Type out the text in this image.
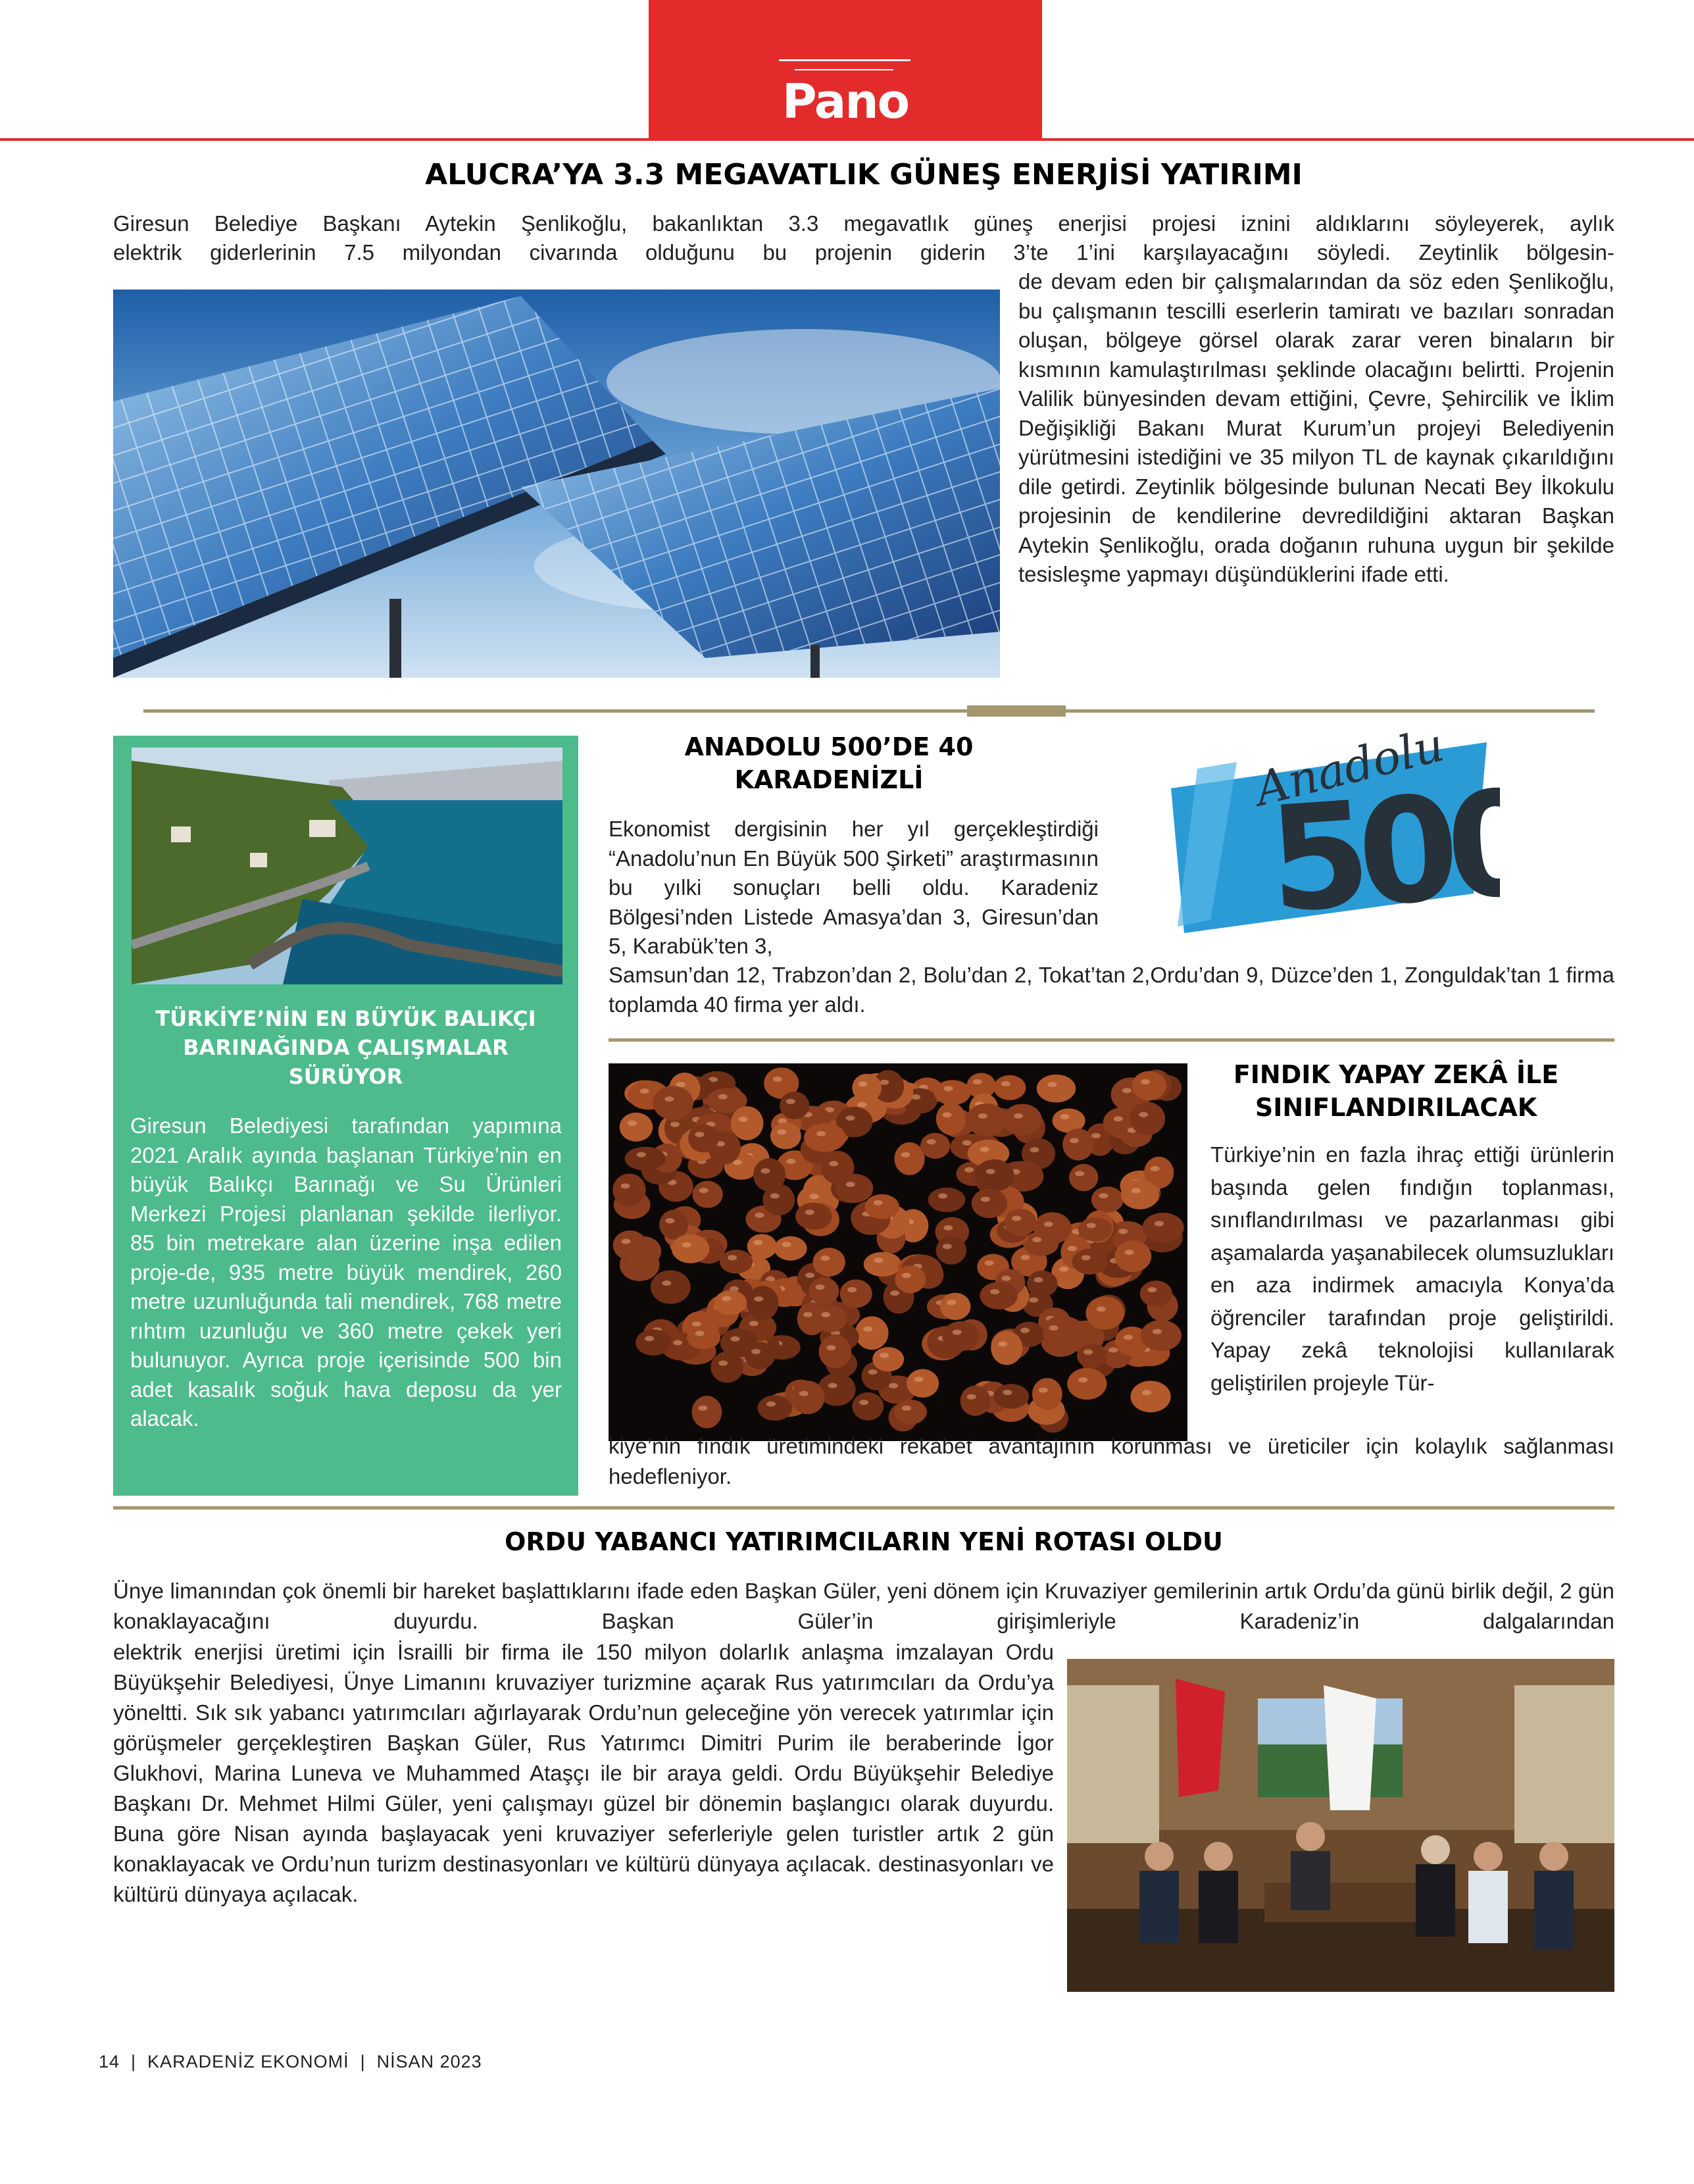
Pano
ALUCRA’YA 3.3 MEGAVATLIK GÜNEŞ ENERJİSİ YATIRIMI
Giresun Belediye Başkanı Aytekin Şenlikoğlu, bakanlıktan 3.3 megavatlık güneş enerjisi projesi iznini aldıklarını söyleyerek, aylık
elektrik giderlerinin 7.5 milyondan civarında olduğunu bu projenin giderin 3’te 1’ini karşılayacağını söyledi. Zeytinlik bölgesin-
de devam eden bir çalışmalarından da söz eden Şenlikoğlu, bu çalışmanın tescilli eserlerin tamiratı ve bazıları sonradan oluşan, bölgeye görsel olarak zarar veren binaların bir kısmının kamulaştırılması şeklinde olacağını belirtti. Projenin Valilik bünyesinden devam ettiğini, Çevre, Şehircilik ve İklim Değişikliği Bakanı Murat Kurum’un projeyi Belediyenin yürütmesini istediğini ve 35 milyon TL de kaynak çıkarıldığını dile getirdi. Zeytinlik bölgesinde bulunan Necati Bey İlkokulu projesinin de kendilerine devredildiğini aktaran Başkan Aytekin Şenlikoğlu, orada doğanın ruhuna uygun bir şekilde tesisleşme yapmayı düşündüklerini ifade etti.
TÜRKİYE’NİN EN BÜYÜK BALIKÇI
BARINAĞINDA ÇALIŞMALAR
SÜRÜYOR
Giresun Belediyesi tarafından yapımına 2021 Aralık ayında başlanan Türkiye’nin en büyük Balıkçı Barınağı ve Su Ürünleri Merkezi Projesi planlanan şekilde ilerliyor. 85 bin metrekare alan üzerine inşa edilen proje-de, 935 metre büyük mendirek, 260 metre uzunluğunda tali mendirek, 768 metre rıhtım uzunluğu ve 360 metre çekek yeri bulunuyor. Ayrıca proje içerisinde 500 bin adet kasalık soğuk hava deposu da yer alacak.
ANADOLU 500’DE 40
KARADENİZLİ	500
Anadolu
Ekonomist dergisinin her yıl gerçekleştirdiği “Anadolu’nun En Büyük 500 Şirketi” araştırmasının bu yılki sonuçları belli oldu. Karadeniz Bölgesi’nden Listede Amasya’dan 3, Giresun’dan 5, Karabük’ten 3,
Samsun’dan 12, Trabzon’dan 2, Bolu’dan 2, Tokat’tan 2,Ordu’dan 9, Düzce’den 1, Zonguldak’tan 1 firma toplamda 40 firma yer aldı.
FINDIK YAPAY ZEKÂ İLE
SINIFLANDIRILACAK
Türkiye’nin en fazla ihraç ettiği ürünlerin başında gelen fındığın toplanması, sınıflandırılması ve pazarlanması gibi aşamalarda yaşanabilecek olumsuzlukları en aza indirmek amacıyla Konya’da öğrenciler tarafından proje geliştirildi. Yapay zekâ teknolojisi kullanılarak geliştirilen projeyle Tür-
kiye’nin fındık üretimindeki rekabet avantajının korunması ve üreticiler için kolaylık sağlanması hedefleniyor.
ORDU YABANCI YATIRIMCILARIN YENİ ROTASI OLDU
Ünye limanından çok önemli bir hareket başlattıklarını ifade eden Başkan Güler, yeni dönem için Kruvaziyer gemilerinin artık Ordu’da günü birlik değil, 2 gün konaklayacağını duyurdu. Başkan Güler’in girişimleriyle Karadeniz’in dalgalarından
elektrik enerjisi üretimi için İsrailli bir firma ile 150 milyon dolarlık anlaşma imzalayan Ordu Büyükşehir Belediyesi, Ünye Limanını kruvaziyer turizmine açarak Rus yatırımcıları da Ordu’ya yöneltti. Sık sık yabancı yatırımcıları ağırlayarak Ordu’nun geleceğine yön verecek yatırımlar için görüşmeler gerçekleştiren Başkan Güler, Rus Yatırımcı Dimitri Purim ile beraberinde İgor Glukhovi, Marina Luneva ve Muhammed Ataşçı ile bir araya geldi. Ordu Büyükşehir Belediye Başkanı Dr. Mehmet Hilmi Güler, yeni çalışmayı güzel bir dönemin başlangıcı olarak duyurdu. Buna göre Nisan ayında başlayacak yeni kruvaziyer seferleriyle gelen turistler artık 2 gün konaklayacak ve Ordu’nun turizm destinasyonları ve kültürü dünyaya açılacak. destinasyonları ve kültürü dünyaya açılacak.
14  |  KARADENİZ EKONOMİ  |  NİSAN 2023
